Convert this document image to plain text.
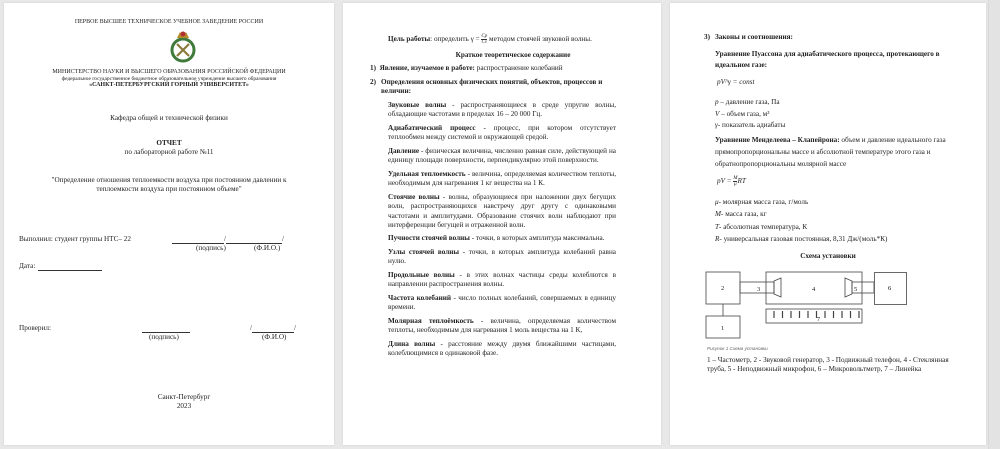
ПЕРВОЕ ВЫСШЕЕ ТЕХНИЧЕСКОЕ УЧЕБНОЕ ЗАВЕДЕНИЕ РОССИИ
МИНИСТЕРСТВО НАУКИ И ВЫСШЕГО ОБРАЗОВАНИЯ РОССИЙСКОЙ ФЕДЕРАЦИИ
федеральное государственное бюджетное образовательное учреждение высшего образования
«САНКТ-ПЕТЕРБУРГСКИЙ ГОРНЫЙ УНИВЕРСИТЕТ»
Кафедра общей и технической физики
ОТЧЕТ
по лабораторной работе №11
"Определение отношения теплоемкости воздуха при постоянном давлении к
теплоемкости воздуха при постоянном объеме"
Выполнил: студент группы НТС– 22	/	/
(подпись)	(Ф.И.О.)
Дата:
Проверил:
(подпись)
/	/
(Ф.И.О)
Санкт-Петербург
2023
Цель работы: определить $\gamma = \frac{Cp}{Cv}$ методом стоячей звуковой волны.
Краткое теоретическое содержание
1) Явление, изучаемое в работе: распространение колебаний
2) Определения основных физических понятий, объектов, процессов и величин:
Звуковые волны - распространяющиеся в среде упругие волны, обладающие частотами в пределах 16 – 20 000 Гц.
Адиабатический процесс - процесс, при котором отсутствует теплообмен между системой и окружающей средой.
Давление - физическая величина, численно равная силе, действующей на единицу площади поверхности, перпендикулярно этой поверхности.
Удельная теплоемкость - величина, определяемая количеством теплоты, необходимым для нагревания 1 кг вещества на 1 К.
Стоячие волны - волны, образующиеся при наложении двух бегущих волн, распространяющихся навстречу друг другу с одинаковыми частотами и амплитудами. Образование стоячих волн наблюдают при интерференции бегущей и отраженной волн.
Пучности стоячей волны - точки, в которых амплитуда максимальна.
Узлы стоячей волны - точки, в которых амплитуда колебаний равна нулю.
Продольные волны - в этих волнах частицы среды колеблются в направлении распространения волны.
Частота колебаний - число полных колебаний, совершаемых в единицу времени.
Молярная теплоёмкость - величина, определяемая количеством теплоты, необходимым для нагревания 1 моль вещества на 1 К,
Длина волны - расстояние между двумя ближайшими частицами, колеблющимися в одинаковой фазе.
3) Законы и соотношения:
Уравнение Пуассона для адиабатического процесса, протекающего в идеальном газе:
pV^γ = const
p – давление газа, Па
V – объем газа, м³
γ- показатель адиабаты
Уравнение Менделеева – Клапейрона: объем и давление идеального газа прямопропорциональны массе и абсолютной температуре этого газа и обратнопропорциональны молярной массе
pV = $\frac{M}{\mu}$ RT
μ- молярная масса газа, г/моль
M- масса газа, кг
T- абсолютная температура, К
R- универсальная газовая постоянная, 8,31 Дж/(моль*К)
Схема установки
2
1
3	4	5
7
6
Рисунок 1 Схема установки
1 – Частометр, 2 - Звуковой генератор, 3 - Подвижный телефон, 4 - Стеклянная труба, 5 - Неподвижный микрофон, 6 – Микровольтметр, 7 – Линейка
